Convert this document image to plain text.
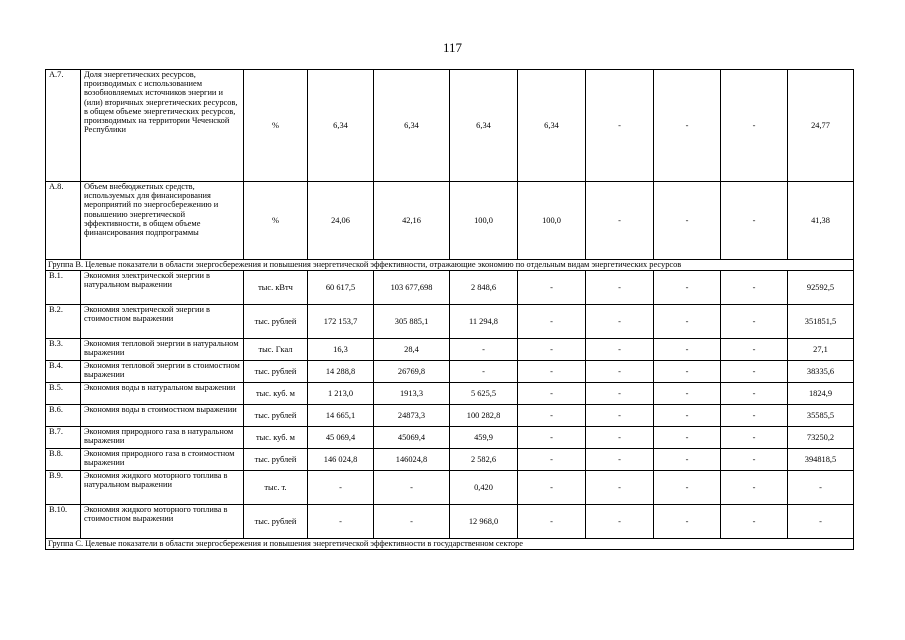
117
А.7.	Доля энергетических ресурсов, производимых с использованием возобновляемых источников энергии и (или) вторичных энергетических ресурсов, в общем объеме энергетических ресурсов, производимых на территории Чеченской Республики	%	6,34	6,34	6,34	6,34	-	-	-	24,77
А.8.	Объем внебюджетных средств, используемых для финансирования мероприятий по энергосбережению и повышению энергетической эффективности, в общем объеме финансирования подпрограммы	%	24,06	42,16	100,0	100,0	-	-	-	41,38
Группа B. Целевые показатели в области энергосбережения и повышения энергетической эффективности, отражающие экономию по отдельным видам энергетических ресурсов										
B.1.	Экономия электрической энергии в натуральном выражении	тыс. кВтч	60 617,5	103 677,698	2 848,6	-	-	-	-	92592,5
B.2.	Экономия электрической энергии в стоимостном выражении	тыс. рублей	172 153,7	305 885,1	11 294,8	-	-	-	-	351851,5
B.3.	Экономия тепловой энергии в натуральном выражении	тыс. Гкал	16,3	28,4	-	-	-	-	-	27,1
B.4.	Экономия тепловой энергии в стоимостном выражении	тыс. рублей	14 288,8	26769,8	-	-	-	-	-	38335,6
B.5.	Экономия воды в натуральном выражении	тыс. куб. м	1 213,0	1913,3	5 625,5	-	-	-	-	1824,9
B.6.	Экономия воды в стоимостном выражении	тыс. рублей	14 665,1	24873,3	100 282,8	-	-	-	-	35585,5
B.7.	Экономия природного газа в натуральном выражении	тыс. куб. м	45 069,4	45069,4	459,9	-	-	-	-	73250,2
B.8.	Экономия природного газа в стоимостном выражении	тыс. рублей	146 024,8	146024,8	2 582,6	-	-	-	-	394818,5
B.9.	Экономия жидкого моторного топлива в натуральном выражении	тыс. т.	-	-	0,420	-	-	-	-	-
B.10.	Экономия жидкого моторного топлива в стоимостном выражении	тыс. рублей	-	-	12 968,0	-	-	-	-	-
Группа С. Целевые показатели в области энергосбережения и повышения энергетической эффективности в государственном секторе										
